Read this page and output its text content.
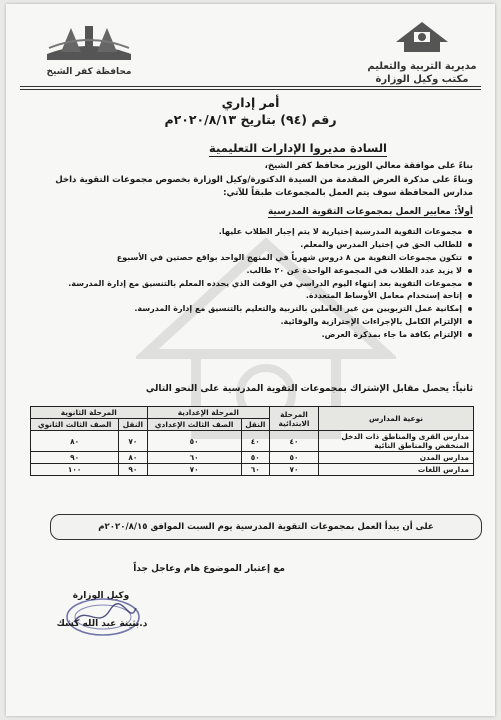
مديرية التربية والتعليم
مكتب وكيل الوزارة
محافظة كفر الشيخ
أمر إداري
رقم (٩٤) بتاريخ ٢٠٢٠/٨/١٣م
السادة مديروا الإدارات التعليمية
بناءً على موافقة معالي الوزير محافظ كفر الشيخ،
وبناءً على مذكرة العرض المقدمة من السيدة الدكتورة/وكيل الوزارة بخصوص مجموعات التقوية داخل
مدارس المحافظة سوف يتم العمل بالمجموعات طبقاً للآتي:
أولاً: معايير العمل بمجموعات التقوية المدرسية
مجموعات التقوية المدرسية إختيارية لا يتم إجبار الطلاب عليها.
للطالب الحق في إختيار المدرس والمعلم.
تتكون مجموعات التقوية من ٨ دروس شهرياً في المنهج الواحد بواقع حصتين في الأسبوع
لا يزيد عدد الطلاب في المجموعة الواحدة عن ٢٠ طالب.
مجموعات التقوية بعد إنتهاء اليوم الدراسي في الوقت الذي يحدده المعلم بالتنسيق مع إدارة المدرسة.
إتاحة إستخدام معامل الأوساط المتعددة.
إمكانية عمل التربويين من غير العاملين بالتربية والتعليم بالتنسيق مع إدارة المدرسة.
الإلتزام الكامل بالإجراءات الإحترازية والوقائية.
الإلتزام بكافة ما جاء بمذكرة العرض.
ثانياً: يحصل مقابل الإشتراك بمجموعات التقوية المدرسية على النحو التالي
نوعية المدارس	المرحلة الابتدائية	المرحلة الإعدادية		المرحلة الثانوية	
		النقل	الصف الثالث الإعدادي	النقل	الصف الثالث الثانوي
مدارس القرى والمناطق ذات الدخل المنخفض والمناطق النائية	٤٠	٤٠	٥٠	٧٠	٨٠
مدارس المدن	٥٠	٥٠	٦٠	٨٠	٩٠
مدارس اللغات	٧٠	٦٠	٧٠	٩٠	١٠٠
على أن يبدأ العمل بمجموعات التقوية المدرسية يوم السبت الموافق ٢٠٢٠/٨/١٥م
مع إعتبار الموضوع هام وعاجل جداً
وكيل الوزارة
د.بثينة عبد الله كشك
